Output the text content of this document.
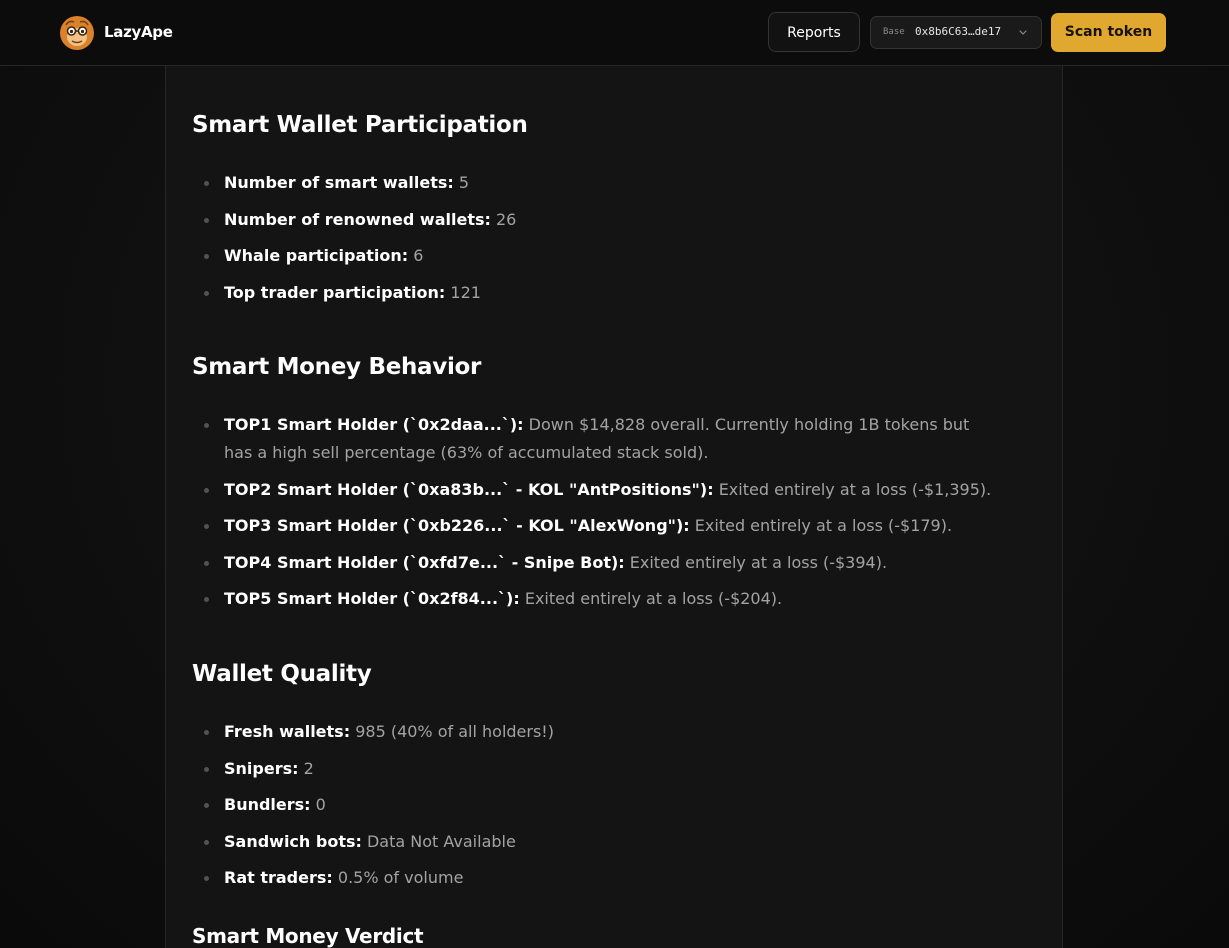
Smart Wallet Participation
Number of smart wallets: 5
Number of renowned wallets: 26
Whale participation: 6
Top trader participation: 121
Smart Money Behavior
TOP1 Smart Holder (`0x2daa...`): Down $14,828 overall. Currently holding 1B tokens but has a high sell percentage (63% of accumulated stack sold).
TOP2 Smart Holder (`0xa83b...` - KOL "AntPositions"): Exited entirely at a loss (-$1,395).
TOP3 Smart Holder (`0xb226...` - KOL "AlexWong"): Exited entirely at a loss (-$179).
TOP4 Smart Holder (`0xfd7e...` - Snipe Bot): Exited entirely at a loss (-$394).
TOP5 Smart Holder (`0x2f84...`): Exited entirely at a loss (-$204).
Wallet Quality
Fresh wallets: 985 (40% of all holders!)
Snipers: 2
Bundlers: 0
Sandwich bots: Data Not Available
Rat traders: 0.5% of volume
Smart Money Verdict
LazyApe	Reports	Base 0x8b6C63…de17	Scan token
